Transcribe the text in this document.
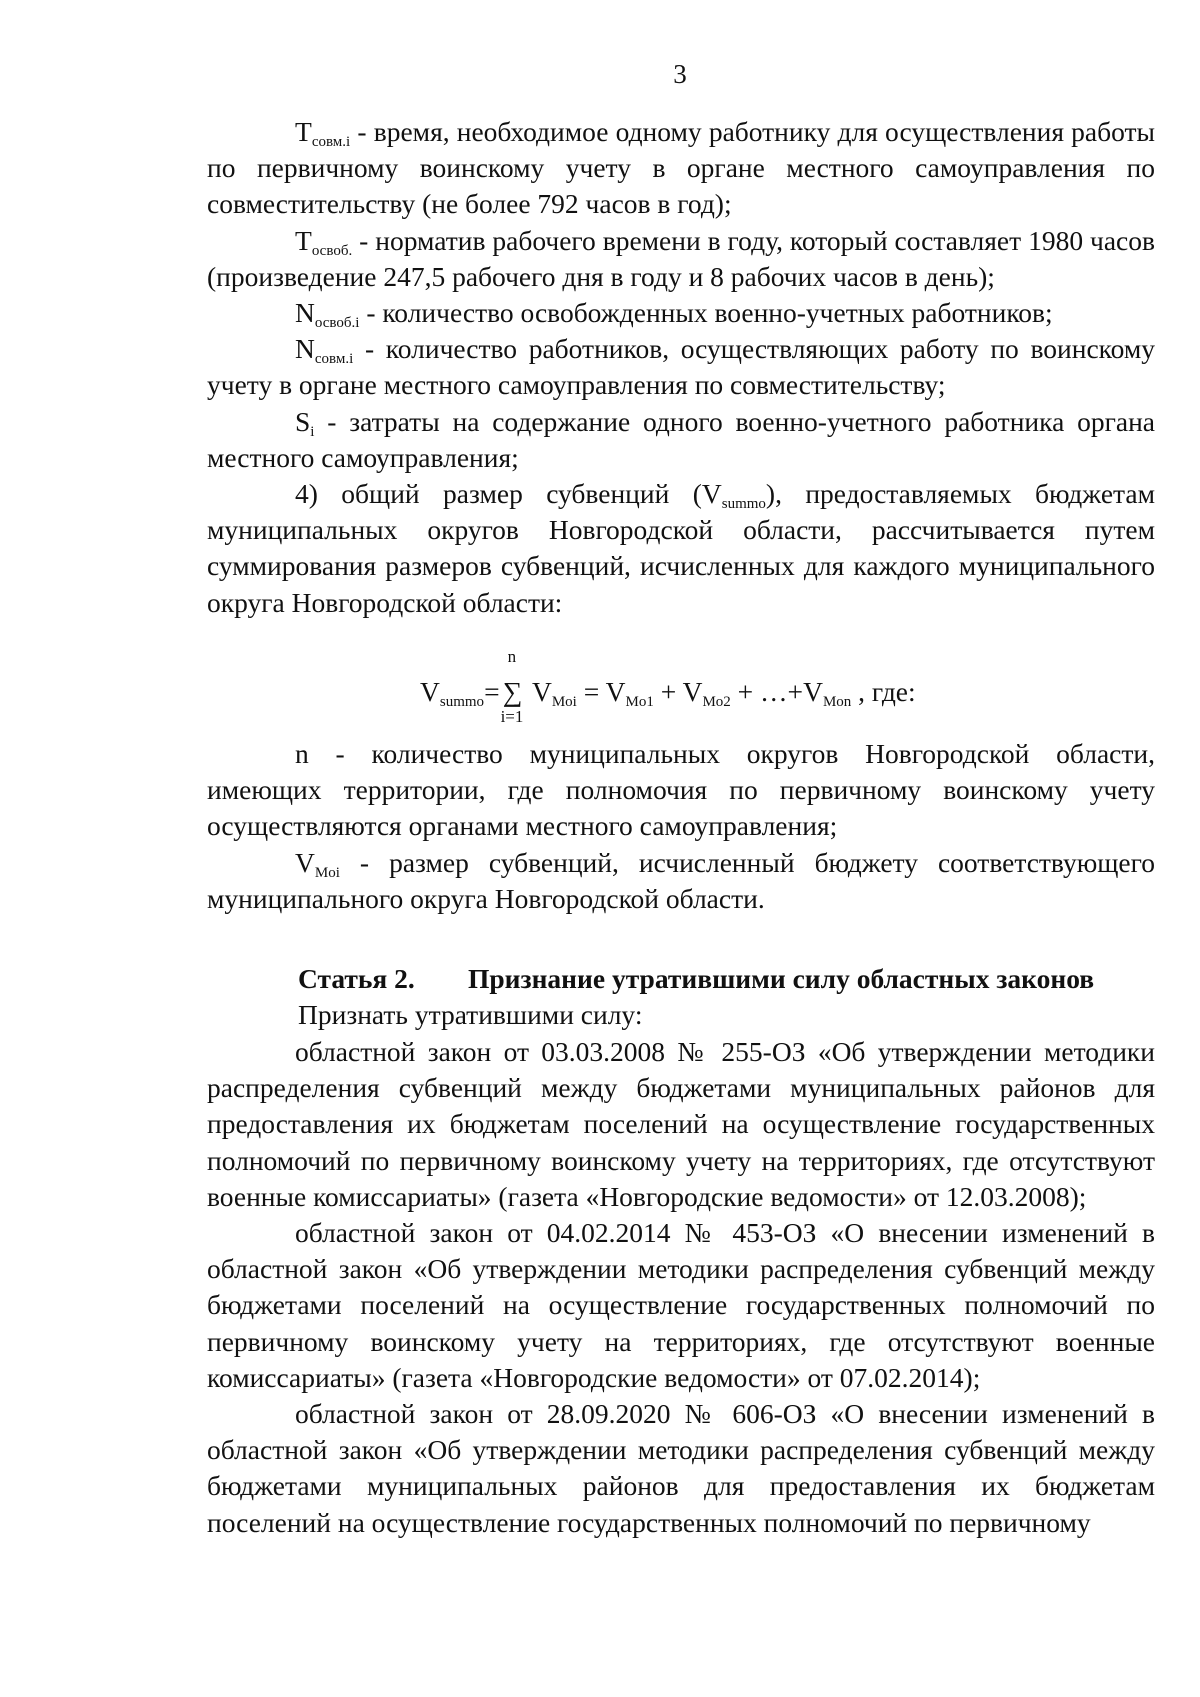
3

$T_{совм.i}$ - время, необходимое одному работнику для осуществления работы по первичному воинскому учету в органе местного самоуправления по совместительству (не более 792 часов в год);

$T_{освоб.}$ - норматив рабочего времени в году, который составляет 1980 часов (произведение 247,5 рабочего дня в году и 8 рабочих часов в день);

$N_{освоб.i}$ - количество освобожденных военно-учетных работников;

$N_{совм.i}$ - количество работников, осуществляющих работу по воинскому учету в органе местного самоуправления по совместительству;

$S_i$ - затраты на содержание одного военно-учетного работника органа местного самоуправления;

4) общий размер субвенций $(V_{summo})$, предоставляемых бюджетам муниципальных округов Новгородской области, рассчитывается путем суммирования размеров субвенций, исчисленных для каждого муниципального округа Новгородской области:

$V_{summo}=$
n
∑
i=1
$V_{Moi} = V_{Mo1} + V_{Mo2}$ + $\dots+V_{Mon}$ , где:

n - количество муниципальных округов Новгородской области, имеющих территории, где полномочия по первичному воинскому учету осуществляются органами местного самоуправления;

$V_{Moi}$ - размер субвенций, исчисленный бюджету соответствующего муниципального округа Новгородской области.

Статья 2. Признание утратившими силу областных законов
Признать утратившими силу:

областной закон от 03.03.2008 № 255-ОЗ «Об утверждении методики распределения субвенций между бюджетами муниципальных районов для предоставления их бюджетам поселений на осуществление государственных полномочий по первичному воинскому учету на территориях, где отсутствуют военные комиссариаты» (газета «Новгородские ведомости» от 12.03.2008);

областной закон от 04.02.2014 № 453-ОЗ «О внесении изменений в областной закон «Об утверждении методики распределения субвенций между бюджетами поселений на осуществление государственных полномочий по первичному воинскому учету на территориях, где отсутствуют военные комиссариаты» (газета «Новгородские ведомости» от 07.02.2014);

областной закон от 28.09.2020 № 606-ОЗ «О внесении изменений в областной закон «Об утверждении методики распределения субвенций между бюджетами муниципальных районов для предоставления их бюджетам поселений на осуществление государственных полномочий по первичному
